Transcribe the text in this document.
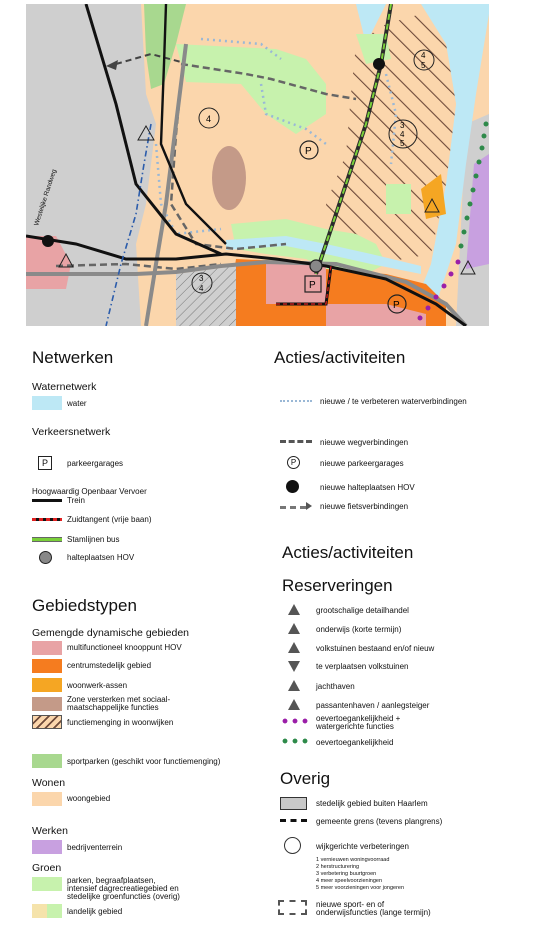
Westelijke Randweg
4
4
5
3
4
5
3
4
P
P
P
Netwerken
Waternetwerk
water
Verkeersnetwerk
P	parkeergarages
Hoogwaardig Openbaar Vervoer
Trein
Zuidtangent (vrije baan)
Stamlijnen bus
halteplaatsen HOV
Gebiedstypen
Gemengde dynamische gebieden
multifunctioneel knooppunt HOV
centrumstedelijk gebied
woonwerk-assen
Zone versterken met sociaal-
maatschappelijke functies
functiemenging in woonwijken
sportparken (geschikt voor functiemenging)
Wonen
woongebied
Werken
bedrijventerrein
Groen
parken, begraafplaatsen,
intensief dagrecreatiegebied en
stedelijke groenfuncties (overig)
landelijk gebied
Acties/activiteiten
nieuwe / te verbeteren waterverbindingen
nieuwe wegverbindingen
P	nieuwe parkeergarages
nieuwe halteplaatsen HOV
nieuwe fietsverbindingen
Acties/activiteiten
Reserveringen
grootschalige detailhandel
onderwijs (korte termijn)
volkstuinen bestaand en/of nieuw
te verplaatsen volkstuinen
jachthaven
passantenhaven / aanlegsteiger
oevertoegankelijkheid +
watergerichte functies
oevertoegankelijkheid
Overig
stedelijk gebied buiten Haarlem
gemeente grens (tevens plangrens)
wijkgerichte verbeteringen
1 vernieuwen woningvoorraad
2 herstructurering
3 verbetering buurtgroen
4 meer speelvoorzieningen
5 meer voorzieningen voor jongeren
nieuwe sport- en of
onderwijsfuncties (lange termijn)
